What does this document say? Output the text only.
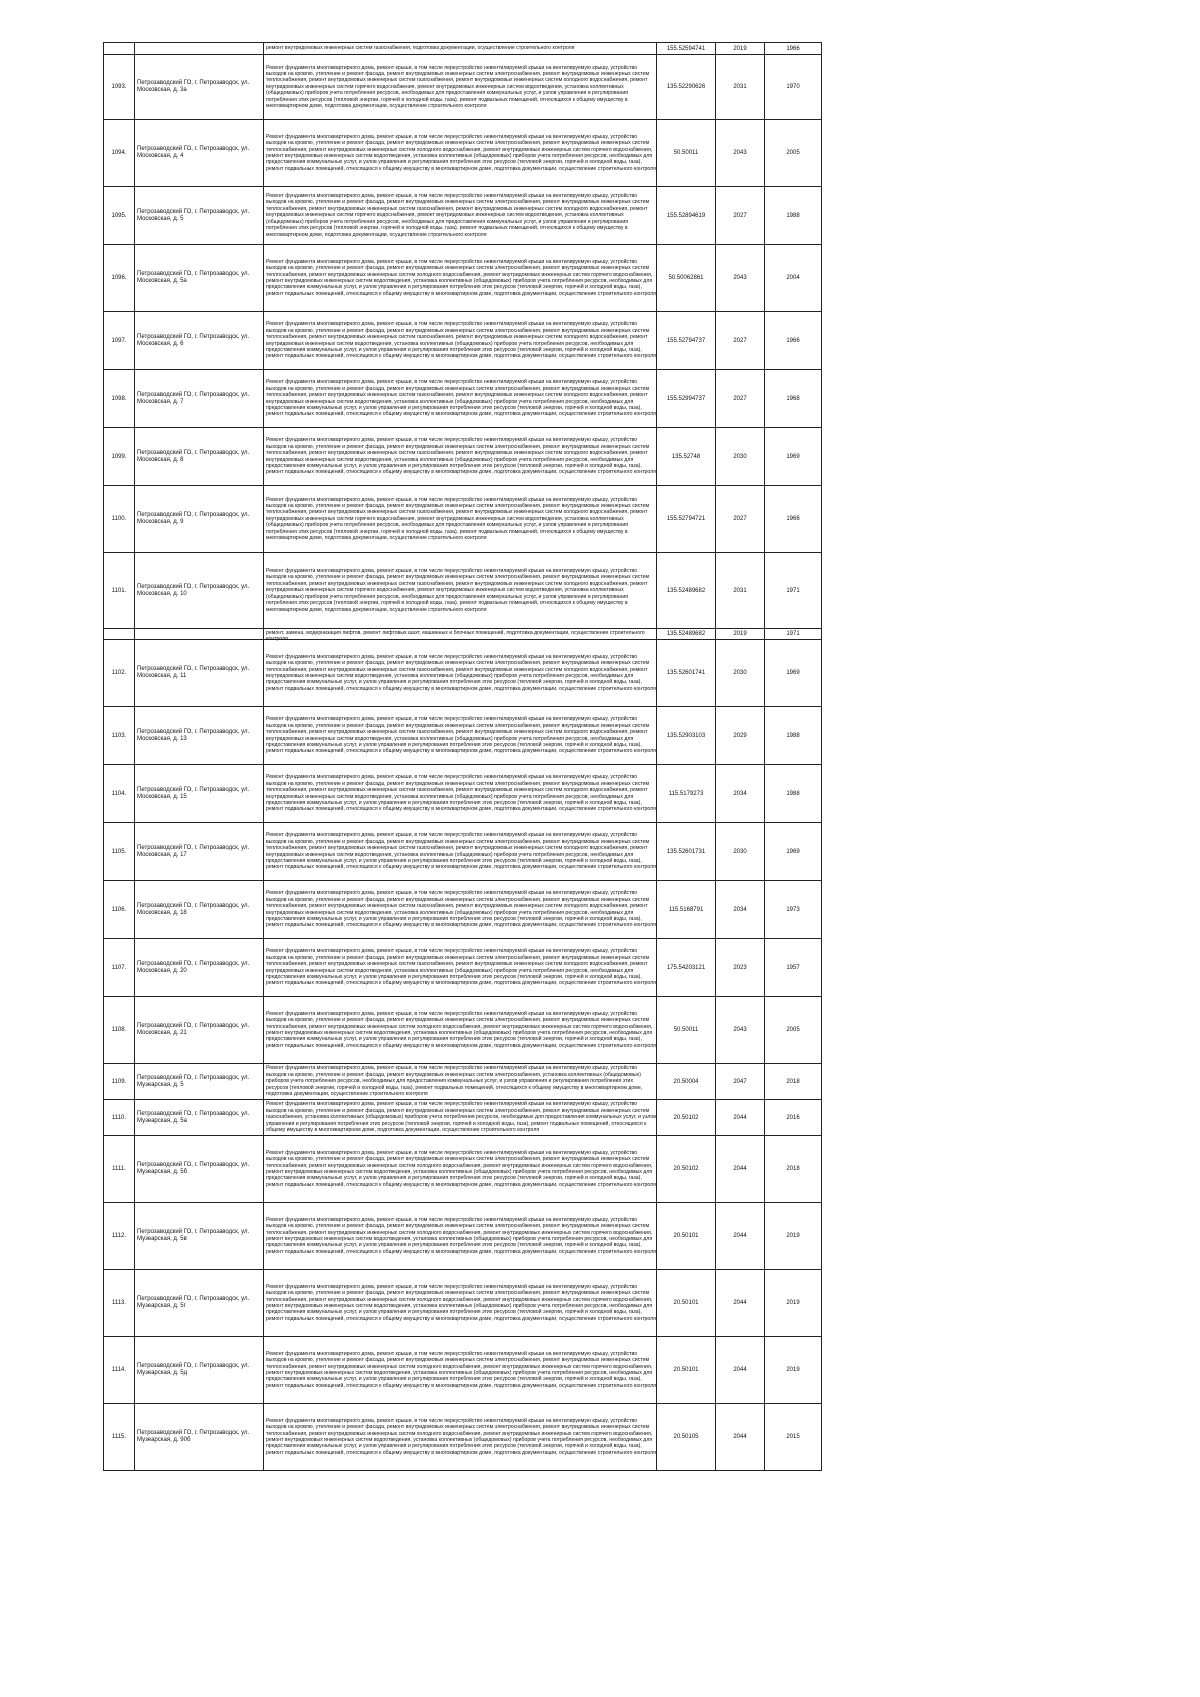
		ремонт внутридомовых инженерных систем газоснабжения, подготовка документации, осуществление строительного контроля	155.52594741	2019	1966
1093.	Петрозаводский ГО, г. Петрозаводск, ул. Московская, д. 3а	Ремонт фундамента многоквартирного дома, ремонт крыши, в том числе переустройство невентилируемой крыши на вентилируемую крышу, устройство выходов на кровлю, утепление и ремонт фасада, ремонт внутридомовых инженерных систем электроснабжения, ремонт внутридомовых инженерных систем теплоснабжения, ремонт внутридомовых инженерных систем газоснабжения, ремонт внутридомовых инженерных систем холодного водоснабжения, ремонт внутридомовых инженерных систем горячего водоснабжения, ремонт внутридомовых инженерных систем водоотведения, установка коллективных (общедомовых) приборов учета потребления ресурсов, необходимых для предоставления коммунальных услуг, и узлов управления и регулирования потребления этих ресурсов (тепловой энергии, горячей и холодной воды, газа), ремонт подвальных помещений, относящихся к общему имуществу в многоквартирном доме, подготовка документации, осуществление строительного контроля	135.52290626	2031	1970
1094.	Петрозаводский ГО, г. Петрозаводск, ул. Московская, д. 4	Ремонт фундамента многоквартирного дома, ремонт крыши, в том числе переустройство невентилируемой крыши на вентилируемую крышу, устройство выходов на кровлю, утепление и ремонт фасада, ремонт внутридомовых инженерных систем электроснабжения, ремонт внутридомовых инженерных систем теплоснабжения, ремонт внутридомовых инженерных систем холодного водоснабжения, ремонт внутридомовых инженерных систем горячего водоснабжения, ремонт внутридомовых инженерных систем водоотведения, установка коллективных (общедомовых) приборов учета потребления ресурсов, необходимых для предоставления коммунальных услуг, и узлов управления и регулирования потребления этих ресурсов (тепловой энергии, горячей и холодной воды, газа), ремонт подвальных помещений, относящихся к общему имуществу в многоквартирном доме, подготовка документации, осуществление строительного контроля	50.50011	2043	2005
1095.	Петрозаводский ГО, г. Петрозаводск, ул. Московская, д. 5	Ремонт фундамента многоквартирного дома, ремонт крыши, в том числе переустройство невентилируемой крыши на вентилируемую крышу, устройство выходов на кровлю, утепление и ремонт фасада, ремонт внутридомовых инженерных систем электроснабжения, ремонт внутридомовых инженерных систем теплоснабжения, ремонт внутридомовых инженерных систем газоснабжения, ремонт внутридомовых инженерных систем холодного водоснабжения, ремонт внутридомовых инженерных систем горячего водоснабжения, ремонт внутридомовых инженерных систем водоотведения, установка коллективных (общедомовых) приборов учета потребления ресурсов, необходимых для предоставления коммунальных услуг, и узлов управления и регулирования потребления этих ресурсов (тепловой энергии, горячей и холодной воды, газа), ремонт подвальных помещений, относящихся к общему имуществу в многоквартирном доме, подготовка документации, осуществление строительного контроля	155.52894619	2027	1988
1096.	Петрозаводский ГО, г. Петрозаводск, ул. Московская, д. 5а	Ремонт фундамента многоквартирного дома, ремонт крыши, в том числе переустройство невентилируемой крыши на вентилируемую крышу, устройство выходов на кровлю, утепление и ремонт фасада, ремонт внутридомовых инженерных систем электроснабжения, ремонт внутридомовых инженерных систем теплоснабжения, ремонт внутридомовых инженерных систем холодного водоснабжения, ремонт внутридомовых инженерных систем горячего водоснабжения, ремонт внутридомовых инженерных систем водоотведения, установка коллективных (общедомовых) приборов учета потребления ресурсов, необходимых для предоставления коммунальных услуг, и узлов управления и регулирования потребления этих ресурсов (тепловой энергии, горячей и холодной воды, газа), ремонт подвальных помещений, относящихся к общему имуществу в многоквартирном доме, подготовка документации, осуществление строительного контроля	50.50062861	2043	2004
1097.	Петрозаводский ГО, г. Петрозаводск, ул. Московская, д. 6	Ремонт фундамента многоквартирного дома, ремонт крыши, в том числе переустройство невентилируемой крыши на вентилируемую крышу, устройство выходов на кровлю, утепление и ремонт фасада, ремонт внутридомовых инженерных систем электроснабжения, ремонт внутридомовых инженерных систем теплоснабжения, ремонт внутридомовых инженерных систем газоснабжения, ремонт внутридомовых инженерных систем холодного водоснабжения, ремонт внутридомовых инженерных систем водоотведения, установка коллективных (общедомовых) приборов учета потребления ресурсов, необходимых для предоставления коммунальных услуг, и узлов управления и регулирования потребления этих ресурсов (тепловой энергии, горячей и холодной воды, газа), ремонт подвальных помещений, относящихся к общему имуществу в многоквартирном доме, подготовка документации, осуществление строительного контроля	155.52794737	2027	1966
1098.	Петрозаводский ГО, г. Петрозаводск, ул. Московская, д. 7	Ремонт фундамента многоквартирного дома, ремонт крыши, в том числе переустройство невентилируемой крыши на вентилируемую крышу, устройство выходов на кровлю, утепление и ремонт фасада, ремонт внутридомовых инженерных систем электроснабжения, ремонт внутридомовых инженерных систем теплоснабжения, ремонт внутридомовых инженерных систем газоснабжения, ремонт внутридомовых инженерных систем холодного водоснабжения, ремонт внутридомовых инженерных систем водоотведения, установка коллективных (общедомовых) приборов учета потребления ресурсов, необходимых для предоставления коммунальных услуг, и узлов управления и регулирования потребления этих ресурсов (тепловой энергии, горячей и холодной воды, газа), ремонт подвальных помещений, относящихся к общему имуществу в многоквартирном доме, подготовка документации, осуществление строительного контроля	155.52994737	2027	1968
1099.	Петрозаводский ГО, г. Петрозаводск, ул. Московская, д. 8	Ремонт фундамента многоквартирного дома, ремонт крыши, в том числе переустройство невентилируемой крыши на вентилируемую крышу, устройство выходов на кровлю, утепление и ремонт фасада, ремонт внутридомовых инженерных систем электроснабжения, ремонт внутридомовых инженерных систем теплоснабжения, ремонт внутридомовых инженерных систем газоснабжения, ремонт внутридомовых инженерных систем холодного водоснабжения, ремонт внутридомовых инженерных систем водоотведения, установка коллективных (общедомовых) приборов учета потребления ресурсов, необходимых для предоставления коммунальных услуг, и узлов управления и регулирования потребления этих ресурсов (тепловой энергии, горячей и холодной воды, газа), ремонт подвальных помещений, относящихся к общему имуществу в многоквартирном доме, подготовка документации, осуществление строительного контроля	135.52748	2030	1969
1100.	Петрозаводский ГО, г. Петрозаводск, ул. Московская, д. 9	Ремонт фундамента многоквартирного дома, ремонт крыши, в том числе переустройство невентилируемой крыши на вентилируемую крышу, устройство выходов на кровлю, утепление и ремонт фасада, ремонт внутридомовых инженерных систем электроснабжения, ремонт внутридомовых инженерных систем теплоснабжения, ремонт внутридомовых инженерных систем газоснабжения, ремонт внутридомовых инженерных систем холодного водоснабжения, ремонт внутридомовых инженерных систем горячего водоснабжения, ремонт внутридомовых инженерных систем водоотведения, установка коллективных (общедомовых) приборов учета потребления ресурсов, необходимых для предоставления коммунальных услуг, и узлов управления и регулирования потребления этих ресурсов (тепловой энергии, горячей и холодной воды, газа), ремонт подвальных помещений, относящихся к общему имуществу в многоквартирном доме, подготовка документации, осуществление строительного контроля	155.52794721	2027	1966
1101.	Петрозаводский ГО, г. Петрозаводск, ул. Московская, д. 10	Ремонт фундамента многоквартирного дома, ремонт крыши, в том числе переустройство невентилируемой крыши на вентилируемую крышу, устройство выходов на кровлю, утепление и ремонт фасада, ремонт внутридомовых инженерных систем электроснабжения, ремонт внутридомовых инженерных систем теплоснабжения, ремонт внутридомовых инженерных систем газоснабжения, ремонт внутридомовых инженерных систем холодного водоснабжения, ремонт внутридомовых инженерных систем горячего водоснабжения, ремонт внутридомовых инженерных систем водоотведения, установка коллективных (общедомовых) приборов учета потребления ресурсов, необходимых для предоставления коммунальных услуг, и узлов управления и регулирования потребления этих ресурсов (тепловой энергии, горячей и холодной воды, газа), ремонт подвальных помещений, относящихся к общему имуществу в многоквартирном доме, подготовка документации, осуществление строительного контроля	135.52489682	2031	1971

		ремонт, замена, модернизация лифтов, ремонт лифтовых шахт, машинных и блочных помещений, подготовка документации, осуществление строительного контроля	135.52489682	2019	1971
1102.	Петрозаводский ГО, г. Петрозаводск, ул. Московская, д. 11	Ремонт фундамента многоквартирного дома, ремонт крыши, в том числе переустройство невентилируемой крыши на вентилируемую крышу, устройство выходов на кровлю, утепление и ремонт фасада, ремонт внутридомовых инженерных систем электроснабжения, ремонт внутридомовых инженерных систем теплоснабжения, ремонт внутридомовых инженерных систем газоснабжения, ремонт внутридомовых инженерных систем холодного водоснабжения, ремонт внутридомовых инженерных систем водоотведения, установка коллективных (общедомовых) приборов учета потребления ресурсов, необходимых для предоставления коммунальных услуг, и узлов управления и регулирования потребления этих ресурсов (тепловой энергии, горячей и холодной воды, газа), ремонт подвальных помещений, относящихся к общему имуществу в многоквартирном доме, подготовка документации, осуществление строительного контроля	135.52601741	2030	1969
1103.	Петрозаводский ГО, г. Петрозаводск, ул. Московская, д. 13	Ремонт фундамента многоквартирного дома, ремонт крыши, в том числе переустройство невентилируемой крыши на вентилируемую крышу, устройство выходов на кровлю, утепление и ремонт фасада, ремонт внутридомовых инженерных систем электроснабжения, ремонт внутридомовых инженерных систем теплоснабжения, ремонт внутридомовых инженерных систем газоснабжения, ремонт внутридомовых инженерных систем холодного водоснабжения, ремонт внутридомовых инженерных систем водоотведения, установка коллективных (общедомовых) приборов учета потребления ресурсов, необходимых для предоставления коммунальных услуг, и узлов управления и регулирования потребления этих ресурсов (тепловой энергии, горячей и холодной воды, газа), ремонт подвальных помещений, относящихся к общему имуществу в многоквартирном доме, подготовка документации, осуществление строительного контроля	135.52903103	2029	1988
1104.	Петрозаводский ГО, г. Петрозаводск, ул. Московская, д. 15	Ремонт фундамента многоквартирного дома, ремонт крыши, в том числе переустройство невентилируемой крыши на вентилируемую крышу, устройство выходов на кровлю, утепление и ремонт фасада, ремонт внутридомовых инженерных систем электроснабжения, ремонт внутридомовых инженерных систем теплоснабжения, ремонт внутридомовых инженерных систем газоснабжения, ремонт внутридомовых инженерных систем холодного водоснабжения, ремонт внутридомовых инженерных систем водоотведения, установка коллективных (общедомовых) приборов учета потребления ресурсов, необходимых для предоставления коммунальных услуг, и узлов управления и регулирования потребления этих ресурсов (тепловой энергии, горячей и холодной воды, газа), ремонт подвальных помещений, относящихся к общему имуществу в многоквартирном доме, подготовка документации, осуществление строительного контроля	115.5179273	2034	1988
1105.	Петрозаводский ГО, г. Петрозаводск, ул. Московская, д. 17	Ремонт фундамента многоквартирного дома, ремонт крыши, в том числе переустройство невентилируемой крыши на вентилируемую крышу, устройство выходов на кровлю, утепление и ремонт фасада, ремонт внутридомовых инженерных систем электроснабжения, ремонт внутридомовых инженерных систем теплоснабжения, ремонт внутридомовых инженерных систем газоснабжения, ремонт внутридомовых инженерных систем холодного водоснабжения, ремонт внутридомовых инженерных систем водоотведения, установка коллективных (общедомовых) приборов учета потребления ресурсов, необходимых для предоставления коммунальных услуг, и узлов управления и регулирования потребления этих ресурсов (тепловой энергии, горячей и холодной воды, газа), ремонт подвальных помещений, относящихся к общему имуществу в многоквартирном доме, подготовка документации, осуществление строительного контроля	135.52601731	2030	1969
1106.	Петрозаводский ГО, г. Петрозаводск, ул. Московская, д. 18	Ремонт фундамента многоквартирного дома, ремонт крыши, в том числе переустройство невентилируемой крыши на вентилируемую крышу, устройство выходов на кровлю, утепление и ремонт фасада, ремонт внутридомовых инженерных систем электроснабжения, ремонт внутридомовых инженерных систем теплоснабжения, ремонт внутридомовых инженерных систем газоснабжения, ремонт внутридомовых инженерных систем холодного водоснабжения, ремонт внутридомовых инженерных систем водоотведения, установка коллективных (общедомовых) приборов учета потребления ресурсов, необходимых для предоставления коммунальных услуг, и узлов управления и регулирования потребления этих ресурсов (тепловой энергии, горячей и холодной воды, газа), ремонт подвальных помещений, относящихся к общему имуществу в многоквартирном доме, подготовка документации, осуществление строительного контроля	115.5168791	2034	1973
1107.	Петрозаводский ГО, г. Петрозаводск, ул. Московская, д. 20	Ремонт фундамента многоквартирного дома, ремонт крыши, в том числе переустройство невентилируемой крыши на вентилируемую крышу, устройство выходов на кровлю, утепление и ремонт фасада, ремонт внутридомовых инженерных систем электроснабжения, ремонт внутридомовых инженерных систем теплоснабжения, ремонт внутридомовых инженерных систем газоснабжения, ремонт внутридомовых инженерных систем холодного водоснабжения, ремонт внутридомовых инженерных систем водоотведения, установка коллективных (общедомовых) приборов учета потребления ресурсов, необходимых для предоставления коммунальных услуг, и узлов управления и регулирования потребления этих ресурсов (тепловой энергии, горячей и холодной воды, газа), ремонт подвальных помещений, относящихся к общему имуществу в многоквартирном доме, подготовка документации, осуществление строительного контроля	175.54203121	2023	1957
1108.	Петрозаводский ГО, г. Петрозаводск, ул. Московская, д. 21	Ремонт фундамента многоквартирного дома, ремонт крыши, в том числе переустройство невентилируемой крыши на вентилируемую крышу, устройство выходов на кровлю, утепление и ремонт фасада, ремонт внутридомовых инженерных систем электроснабжения, ремонт внутридомовых инженерных систем теплоснабжения, ремонт внутридомовых инженерных систем холодного водоснабжения, ремонт внутридомовых инженерных систем горячего водоснабжения, ремонт внутридомовых инженерных систем водоотведения, установка коллективных (общедомовых) приборов учета потребления ресурсов, необходимых для предоставления коммунальных услуг, и узлов управления и регулирования потребления этих ресурсов (тепловой энергии, горячей и холодной воды, газа), ремонт подвальных помещений, относящихся к общему имуществу в многоквартирном доме, подготовка документации, осуществление строительного контроля	50.50011	2043	2005
1109.	Петрозаводский ГО, г. Петрозаводск, ул. Музеарская, д. 5	Ремонт фундамента многоквартирного дома, ремонт крыши, в том числе переустройство невентилируемой крыши на вентилируемую крышу, устройство выходов на кровлю, утепление и ремонт фасада, ремонт внутридомовых инженерных систем электроснабжения, установка коллективных (общедомовых) приборов учета потребления ресурсов, необходимых для предоставления коммунальных услуг, и узлов управления и регулирования потребления этих ресурсов (тепловой энергии, горячей и холодной воды, газа), ремонт подвальных помещений, относящихся к общему имуществу в многоквартирном доме, подготовка документации, осуществление строительного контроля	20.50004	2047	2018
1110.	Петрозаводский ГО, г. Петрозаводск, ул. Музеарская, д. 5а	Ремонт фундамента многоквартирного дома, ремонт крыши, в том числе переустройство невентилируемой крыши на вентилируемую крышу, устройство выходов на кровлю, утепление и ремонт фасада, ремонт внутридомовых инженерных систем электроснабжения, ремонт внутридомовых инженерных систем газоснабжения, установка коллективных (общедомовых) приборов учета потребления ресурсов, необходимых для предоставления коммунальных услуг, и узлов управления и регулирования потребления этих ресурсов (тепловой энергии, горячей и холодной воды, газа), ремонт подвальных помещений, относящихся к общему имуществу в многоквартирном доме, подготовка документации, осуществление строительного контроля	20.50102	2044	2016
1111.	Петрозаводский ГО, г. Петрозаводск, ул. Музеарская, д. 5б	Ремонт фундамента многоквартирного дома, ремонт крыши, в том числе переустройство невентилируемой крыши на вентилируемую крышу, устройство выходов на кровлю, утепление и ремонт фасада, ремонт внутридомовых инженерных систем электроснабжения, ремонт внутридомовых инженерных систем теплоснабжения, ремонт внутридомовых инженерных систем холодного водоснабжения, ремонт внутридомовых инженерных систем горячего водоснабжения, ремонт внутридомовых инженерных систем водоотведения, установка коллективных (общедомовых) приборов учета потребления ресурсов, необходимых для предоставления коммунальных услуг, и узлов управления и регулирования потребления этих ресурсов (тепловой энергии, горячей и холодной воды, газа), ремонт подвальных помещений, относящихся к общему имуществу в многоквартирном доме, подготовка документации, осуществление строительного контроля	20.50102	2044	2018
1112.	Петрозаводский ГО, г. Петрозаводск, ул. Музеарская, д. 5в	Ремонт фундамента многоквартирного дома, ремонт крыши, в том числе переустройство невентилируемой крыши на вентилируемую крышу, устройство выходов на кровлю, утепление и ремонт фасада, ремонт внутридомовых инженерных систем электроснабжения, ремонт внутридомовых инженерных систем теплоснабжения, ремонт внутридомовых инженерных систем холодного водоснабжения, ремонт внутридомовых инженерных систем горячего водоснабжения, ремонт внутридомовых инженерных систем водоотведения, установка коллективных (общедомовых) приборов учета потребления ресурсов, необходимых для предоставления коммунальных услуг, и узлов управления и регулирования потребления этих ресурсов (тепловой энергии, горячей и холодной воды, газа), ремонт подвальных помещений, относящихся к общему имуществу в многоквартирном доме, подготовка документации, осуществление строительного контроля	20.50101	2044	2019
1113.	Петрозаводский ГО, г. Петрозаводск, ул. Музеарская, д. 5г	Ремонт фундамента многоквартирного дома, ремонт крыши, в том числе переустройство невентилируемой крыши на вентилируемую крышу, устройство выходов на кровлю, утепление и ремонт фасада, ремонт внутридомовых инженерных систем электроснабжения, ремонт внутридомовых инженерных систем теплоснабжения, ремонт внутридомовых инженерных систем холодного водоснабжения, ремонт внутридомовых инженерных систем горячего водоснабжения, ремонт внутридомовых инженерных систем водоотведения, установка коллективных (общедомовых) приборов учета потребления ресурсов, необходимых для предоставления коммунальных услуг, и узлов управления и регулирования потребления этих ресурсов (тепловой энергии, горячей и холодной воды, газа), ремонт подвальных помещений, относящихся к общему имуществу в многоквартирном доме, подготовка документации, осуществление строительного контроля	20.50101	2044	2019
1114.	Петрозаводский ГО, г. Петрозаводск, ул. Музеарская, д. 5д	Ремонт фундамента многоквартирного дома, ремонт крыши, в том числе переустройство невентилируемой крыши на вентилируемую крышу, устройство выходов на кровлю, утепление и ремонт фасада, ремонт внутридомовых инженерных систем электроснабжения, ремонт внутридомовых инженерных систем теплоснабжения, ремонт внутридомовых инженерных систем холодного водоснабжения, ремонт внутридомовых инженерных систем горячего водоснабжения, ремонт внутридомовых инженерных систем водоотведения, установка коллективных (общедомовых) приборов учета потребления ресурсов, необходимых для предоставления коммунальных услуг, и узлов управления и регулирования потребления этих ресурсов (тепловой энергии, горячей и холодной воды, газа), ремонт подвальных помещений, относящихся к общему имуществу в многоквартирном доме, подготовка документации, осуществление строительного контроля	20.50101	2044	2019
1115.	Петрозаводский ГО, г. Петрозаводск, ул. Музеарская, д. 90б	Ремонт фундамента многоквартирного дома, ремонт крыши, в том числе переустройство невентилируемой крыши на вентилируемую крышу, устройство выходов на кровлю, утепление и ремонт фасада, ремонт внутридомовых инженерных систем электроснабжения, ремонт внутридомовых инженерных систем теплоснабжения, ремонт внутридомовых инженерных систем холодного водоснабжения, ремонт внутридомовых инженерных систем горячего водоснабжения, ремонт внутридомовых инженерных систем водоотведения, установка коллективных (общедомовых) приборов учета потребления ресурсов, необходимых для предоставления коммунальных услуг, и узлов управления и регулирования потребления этих ресурсов (тепловой энергии, горячей и холодной воды, газа), ремонт подвальных помещений, относящихся к общему имуществу в многоквартирном доме, подготовка документации, осуществление строительного контроля	20.50105	2044	2015
